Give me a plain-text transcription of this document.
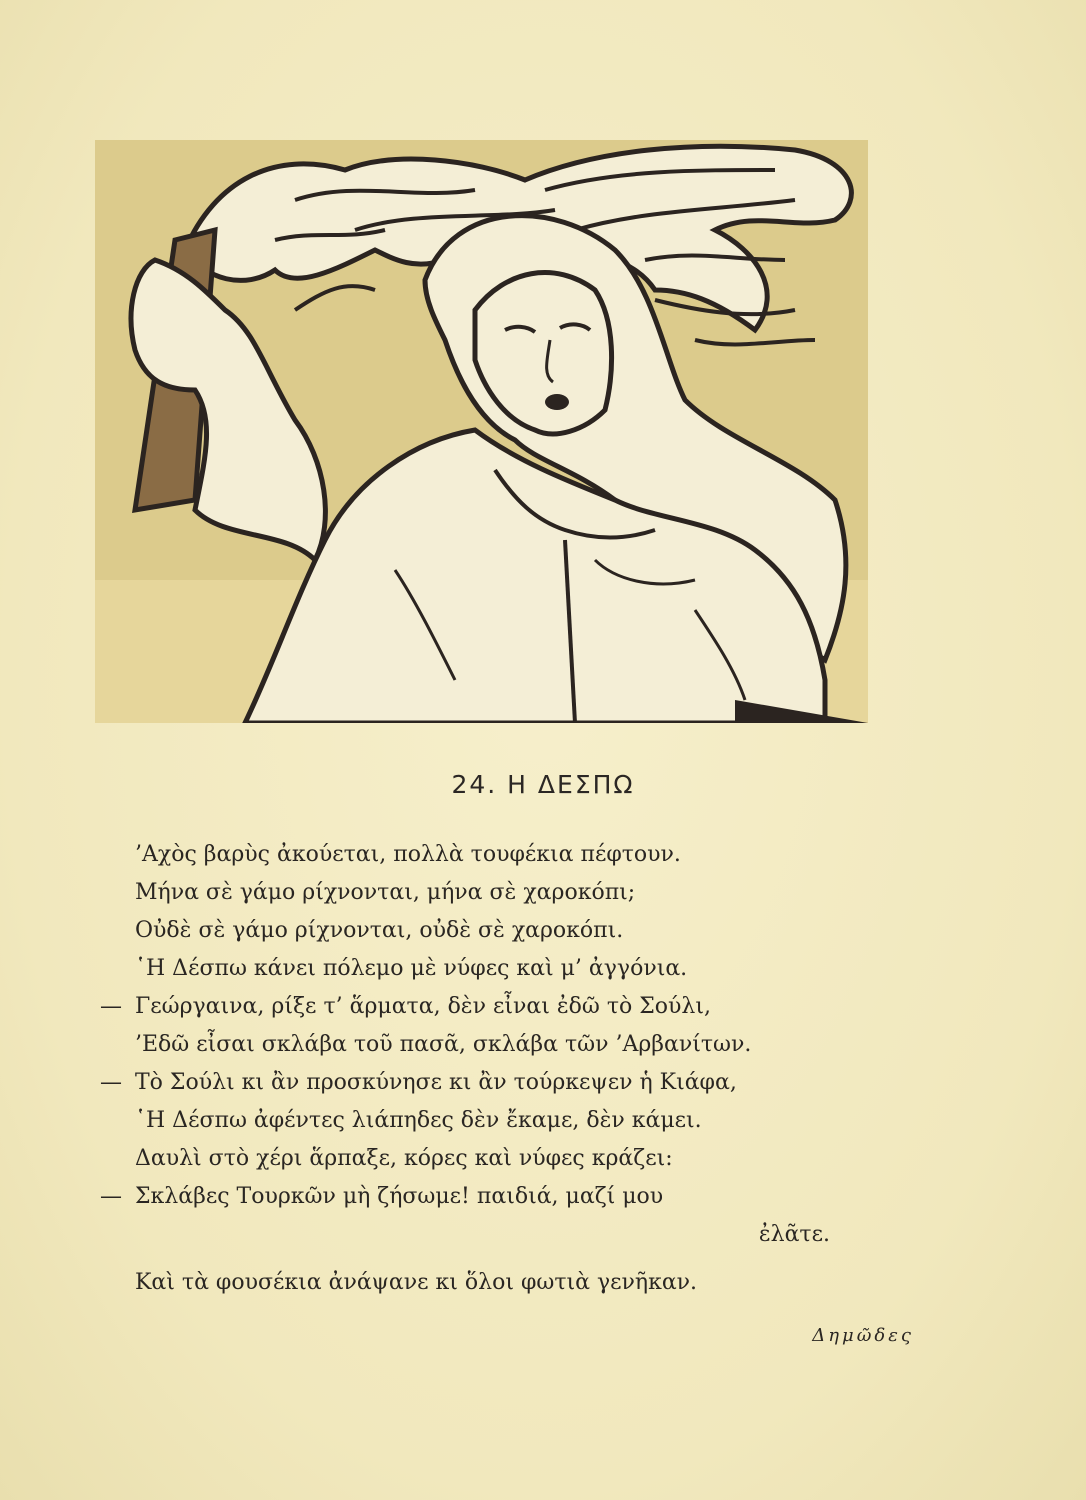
24. Η ΔΕΣΠΩ
’Αχὸς βαρὺς ἀκούεται, πολλὰ τουφέκια πέφτουν.
Μήνα σὲ γάμο ρίχνονται, μήνα σὲ χαροκόπι;
Οὐδὲ σὲ γάμο ρίχνονται, οὐδὲ σὲ χαροκόπι.
῾Η Δέσπω κάνει πόλεμο μὲ νύφες καὶ μ’ ἀγγόνια.
— Γεώργαινα, ρίξε τ’ ἅρματα, δὲν εἶναι ἐδῶ τὸ Σούλι,
’Εδῶ εἶσαι σκλάβα τοῦ πασᾶ, σκλάβα τῶν ’Αρβανίτων.
— Τὸ Σούλι κι ἂν προσκύνησε κι ἂν τούρκεψεν ἡ Κιάφα,
῾Η Δέσπω ἀφέντες λιάπηδες δὲν ἔκαμε, δὲν κάμει.
Δαυλὶ στὸ χέρι ἅρπαξε, κόρες καὶ νύφες κράζει:
— Σκλάβες Τουρκῶν μὴ ζήσωμε! παιδιά, μαζί μου
ἐλᾶτε.
Καὶ τὰ φουσέκια ἀνάψανε κι ὅλοι φωτιὰ γενῆκαν.
Δημῶδες
